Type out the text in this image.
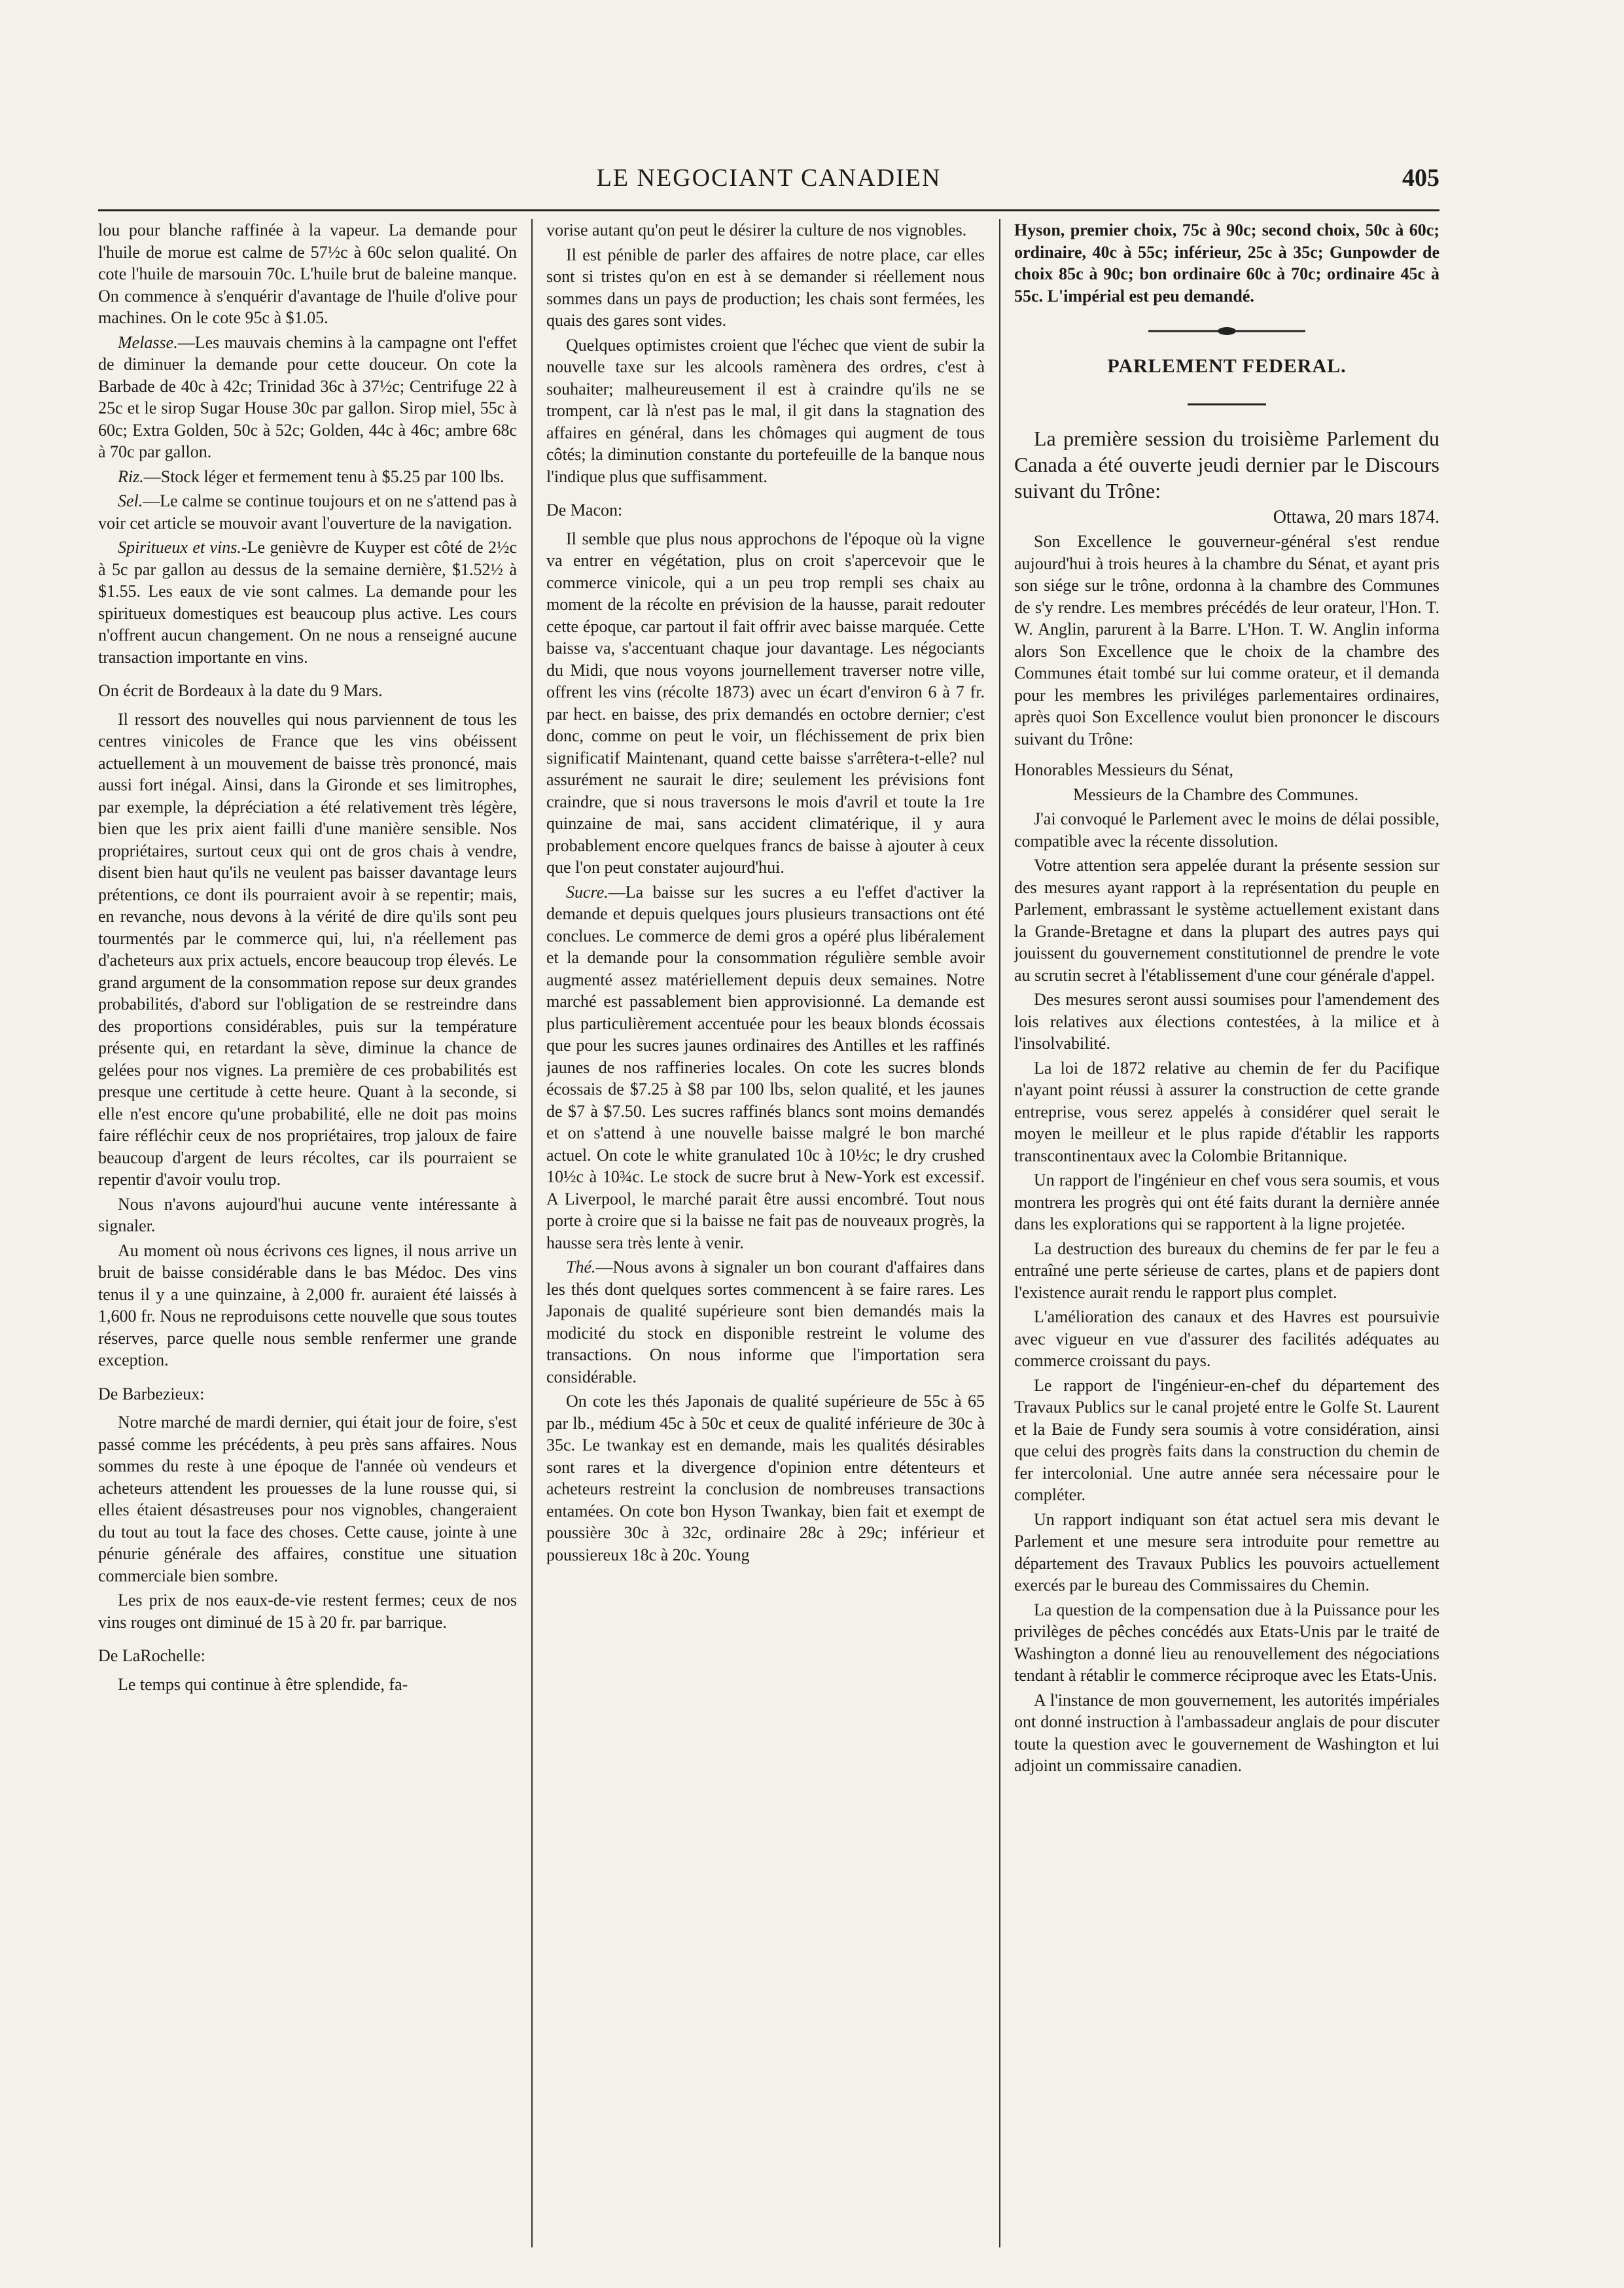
LE NEGOCIANT CANADIEN	405

lou pour blanche raffinée à la vapeur. La demande pour l'huile de morue est calme de 57½c à 60c selon qualité. On cote l'huile de marsouin 70c. L'huile brut de baleine manque. On commence à s'enquérir d'avantage de l'huile d'olive pour machines. On le cote 95c à $1.05.

Melasse.—Les mauvais chemins à la campagne ont l'effet de diminuer la demande pour cette douceur. On cote la Barbade de 40c à 42c; Trinidad 36c à 37½c; Centrifuge 22 à 25c et le sirop Sugar House 30c par gallon. Sirop miel, 55c à 60c; Extra Golden, 50c à 52c; Golden, 44c à 46c; ambre 68c à 70c par gallon.

Riz.—Stock léger et fermement tenu à $5.25 par 100 lbs.

Sel.—Le calme se continue toujours et on ne s'attend pas à voir cet article se mouvoir avant l'ouverture de la navigation.

Spiritueux et vins.-Le genièvre de Kuyper est côté de 2½c à 5c par gallon au dessus de la semaine dernière, $1.52½ à $1.55. Les eaux de vie sont calmes. La demande pour les spiritueux domestiques est beaucoup plus active. Les cours n'offrent aucun changement. On ne nous a renseigné aucune transaction importante en vins.

On écrit de Bordeaux à la date du 9 Mars.

Il ressort des nouvelles qui nous parviennent de tous les centres vinicoles de France que les vins obéissent actuellement à un mouvement de baisse très prononcé, mais aussi fort inégal. Ainsi, dans la Gironde et ses limitrophes, par exemple, la dépréciation a été relativement très légère, bien que les prix aient failli d'une manière sensible. Nos propriétaires, surtout ceux qui ont de gros chais à vendre, disent bien haut qu'ils ne veulent pas baisser davantage leurs prétentions, ce dont ils pourraient avoir à se repentir; mais, en revanche, nous devons à la vérité de dire qu'ils sont peu tourmentés par le commerce qui, lui, n'a réellement pas d'acheteurs aux prix actuels, encore beaucoup trop élevés. Le grand argument de la consommation repose sur deux grandes probabilités, d'abord sur l'obligation de se restreindre dans des proportions considérables, puis sur la température présente qui, en retardant la sève, diminue la chance de gelées pour nos vignes. La première de ces probabilités est presque une certitude à cette heure. Quant à la seconde, si elle n'est encore qu'une probabilité, elle ne doit pas moins faire réfléchir ceux de nos propriétaires, trop jaloux de faire beaucoup d'argent de leurs récoltes, car ils pourraient se repentir d'avoir voulu trop.

Nous n'avons aujourd'hui aucune vente intéressante à signaler.

Au moment où nous écrivons ces lignes, il nous arrive un bruit de baisse considérable dans le bas Médoc. Des vins tenus il y a une quinzaine, à 2,000 fr. auraient été laissés à 1,600 fr. Nous ne reproduisons cette nouvelle que sous toutes réserves, parce quelle nous semble renfermer une grande exception.

De Barbezieux:

Notre marché de mardi dernier, qui était jour de foire, s'est passé comme les précédents, à peu près sans affaires. Nous sommes du reste à une époque de l'année où vendeurs et acheteurs attendent les prouesses de la lune rousse qui, si elles étaient désastreuses pour nos vignobles, changeraient du tout au tout la face des choses. Cette cause, jointe à une pénurie générale des affaires, constitue une situation commerciale bien sombre.

Les prix de nos eaux-de-vie restent fermes; ceux de nos vins rouges ont diminué de 15 à 20 fr. par barrique.

De LaRochelle:

Le temps qui continue à être splendide, fa-

vorise autant qu'on peut le désirer la culture de nos vignobles.

Il est pénible de parler des affaires de notre place, car elles sont si tristes qu'on en est à se demander si réellement nous sommes dans un pays de production; les chais sont fermées, les quais des gares sont vides.

Quelques optimistes croient que l'échec que vient de subir la nouvelle taxe sur les alcools ramènera des ordres, c'est à souhaiter; malheureusement il est à craindre qu'ils ne se trompent, car là n'est pas le mal, il git dans la stagnation des affaires en général, dans les chômages qui augment de tous côtés; la diminution constante du portefeuille de la banque nous l'indique plus que suffisamment.

De Macon:

Il semble que plus nous approchons de l'époque où la vigne va entrer en végétation, plus on croit s'apercevoir que le commerce vinicole, qui a un peu trop rempli ses chaix au moment de la récolte en prévision de la hausse, parait redouter cette époque, car partout il fait offrir avec baisse marquée. Cette baisse va, s'accentuant chaque jour davantage. Les négociants du Midi, que nous voyons journellement traverser notre ville, offrent les vins (récolte 1873) avec un écart d'environ 6 à 7 fr. par hect. en baisse, des prix demandés en octobre dernier; c'est donc, comme on peut le voir, un fléchissement de prix bien significatif Maintenant, quand cette baisse s'arrêtera-t-elle? nul assurément ne saurait le dire; seulement les prévisions font craindre, que si nous traversons le mois d'avril et toute la 1re quinzaine de mai, sans accident climatérique, il y aura probablement encore quelques francs de baisse à ajouter à ceux que l'on peut constater aujourd'hui.

Sucre.—La baisse sur les sucres a eu l'effet d'activer la demande et depuis quelques jours plusieurs transactions ont été conclues. Le commerce de demi gros a opéré plus libéralement et la demande pour la consommation régulière semble avoir augmenté assez matériellement depuis deux semaines. Notre marché est passablement bien approvisionné. La demande est plus particulièrement accentuée pour les beaux blonds écossais que pour les sucres jaunes ordinaires des Antilles et les raffinés jaunes de nos raffineries locales. On cote les sucres blonds écossais de $7.25 à $8 par 100 lbs, selon qualité, et les jaunes de $7 à $7.50. Les sucres raffinés blancs sont moins demandés et on s'attend à une nouvelle baisse malgré le bon marché actuel. On cote le white granulated 10c à 10½c; le dry crushed 10½c à 10¾c. Le stock de sucre brut à New-York est excessif. A Liverpool, le marché parait être aussi encombré. Tout nous porte à croire que si la baisse ne fait pas de nouveaux progrès, la hausse sera très lente à venir.

Thé.—Nous avons à signaler un bon courant d'affaires dans les thés dont quelques sortes commencent à se faire rares. Les Japonais de qualité supérieure sont bien demandés mais la modicité du stock en disponible restreint le volume des transactions. On nous informe que l'importation sera considérable.

On cote les thés Japonais de qualité supérieure de 55c à 65 par lb., médium 45c à 50c et ceux de qualité inférieure de 30c à 35c. Le twankay est en demande, mais les qualités désirables sont rares et la divergence d'opinion entre détenteurs et acheteurs restreint la conclusion de nombreuses transactions entamées. On cote bon Hyson Twankay, bien fait et exempt de poussière 30c à 32c, ordinaire 28c à 29c; inférieur et poussiereux 18c à 20c. Young

Hyson, premier choix, 75c à 90c; second choix, 50c à 60c; ordinaire, 40c à 55c; inférieur, 25c à 35c; Gunpowder de choix 85c à 90c; bon ordinaire 60c à 70c; ordinaire 45c à 55c. L'impérial est peu demandé.

PARLEMENT FEDERAL.

La première session du troisième Parlement du Canada a été ouverte jeudi dernier par le Discours suivant du Trône:

Ottawa, 20 mars 1874.

Son Excellence le gouverneur-général s'est rendue aujourd'hui à trois heures à la chambre du Sénat, et ayant pris son siége sur le trône, ordonna à la chambre des Communes de s'y rendre. Les membres précédés de leur orateur, l'Hon. T. W. Anglin, parurent à la Barre. L'Hon. T. W. Anglin informa alors Son Excellence que le choix de la chambre des Communes était tombé sur lui comme orateur, et il demanda pour les membres les priviléges parlementaires ordinaires, après quoi Son Excellence voulut bien prononcer le discours suivant du Trône:

Honorables Messieurs du Sénat,

Messieurs de la Chambre des Communes.

J'ai convoqué le Parlement avec le moins de délai possible, compatible avec la récente dissolution.

Votre attention sera appelée durant la présente session sur des mesures ayant rapport à la représentation du peuple en Parlement, embrassant le système actuellement existant dans la Grande-Bretagne et dans la plupart des autres pays qui jouissent du gouvernement constitutionnel de prendre le vote au scrutin secret à l'établissement d'une cour générale d'appel.

Des mesures seront aussi soumises pour l'amendement des lois relatives aux élections contestées, à la milice et à l'insolvabilité.

La loi de 1872 relative au chemin de fer du Pacifique n'ayant point réussi à assurer la construction de cette grande entreprise, vous serez appelés à considérer quel serait le moyen le meilleur et le plus rapide d'établir les rapports transcontinentaux avec la Colombie Britannique.

Un rapport de l'ingénieur en chef vous sera soumis, et vous montrera les progrès qui ont été faits durant la dernière année dans les explorations qui se rapportent à la ligne projetée.

La destruction des bureaux du chemins de fer par le feu a entraîné une perte sérieuse de cartes, plans et de papiers dont l'existence aurait rendu le rapport plus complet.

L'amélioration des canaux et des Havres est poursuivie avec vigueur en vue d'assurer des facilités adéquates au commerce croissant du pays.

Le rapport de l'ingénieur-en-chef du département des Travaux Publics sur le canal projeté entre le Golfe St. Laurent et la Baie de Fundy sera soumis à votre considération, ainsi que celui des progrès faits dans la construction du chemin de fer intercolonial. Une autre année sera nécessaire pour le compléter.

Un rapport indiquant son état actuel sera mis devant le Parlement et une mesure sera introduite pour remettre au département des Travaux Publics les pouvoirs actuellement exercés par le bureau des Commissaires du Chemin.

La question de la compensation due à la Puissance pour les privilèges de pêches concédés aux Etats-Unis par le traité de Washington a donné lieu au renouvellement des négociations tendant à rétablir le commerce réciproque avec les Etats-Unis.

A l'instance de mon gouvernement, les autorités impériales ont donné instruction à l'ambassadeur anglais de pour discuter toute la question avec le gouvernement de Washington et lui adjoint un commissaire canadien.
